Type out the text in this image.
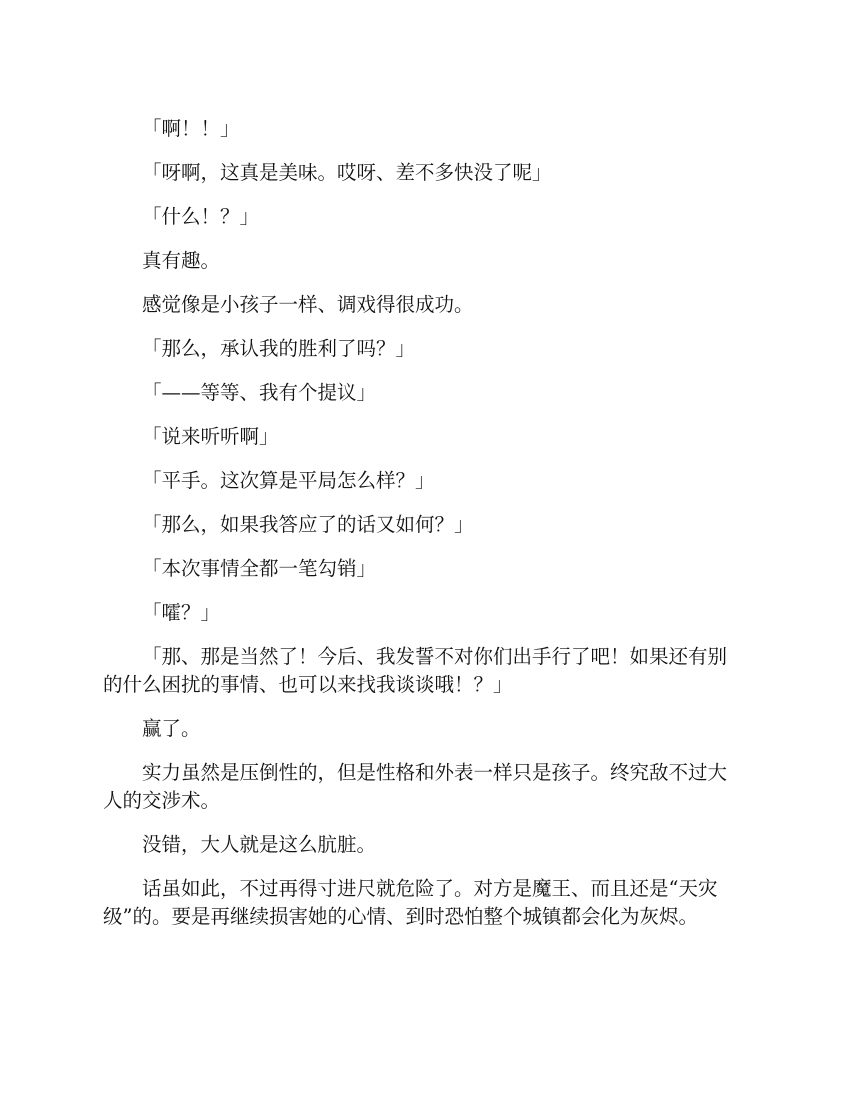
「啊！！」

「呀啊，这真是美味。哎呀、差不多快没了呢」

「什么！？」

真有趣。

感觉像是小孩子一样、调戏得很成功。

「那么，承认我的胜利了吗？」

「——等等、我有个提议」

「说来听听啊」

「平手。这次算是平局怎么样？」

「那么，如果我答应了的话又如何？」

「本次事情全都一笔勾销」

「嚯？」

「那、那是当然了！今后、我发誓不对你们出手行了吧！如果还有别的什么困扰的事情、也可以来找我谈谈哦！？」

赢了。

实力虽然是压倒性的，但是性格和外表一样只是孩子。终究敌不过大人的交涉术。

没错，大人就是这么肮脏。

话虽如此，不过再得寸进尺就危险了。对方是魔王、而且还是“天灾级”的。要是再继续损害她的心情、到时恐怕整个城镇都会化为灰烬。
